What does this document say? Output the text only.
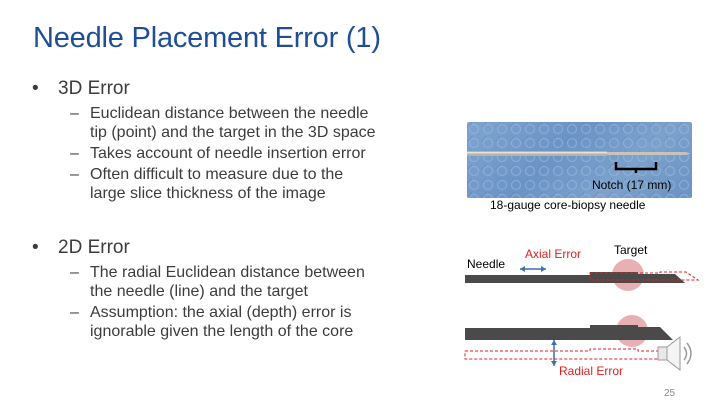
Needle Placement Error (1)
• 3D Error
– Euclidean distance between the needle
tip (point) and the target in the 3D space
– Takes account of needle insertion error
– Often difficult to measure due to the
large slice thickness of the image
• 2D Error
– The radial Euclidean distance between
the needle (line) and the target
– Assumption: the axial (depth) error is
ignorable given the length of the core
Notch (17 mm)
18-gauge core-biopsy needle
Needle
Axial Error	Target
Radial Error
25
